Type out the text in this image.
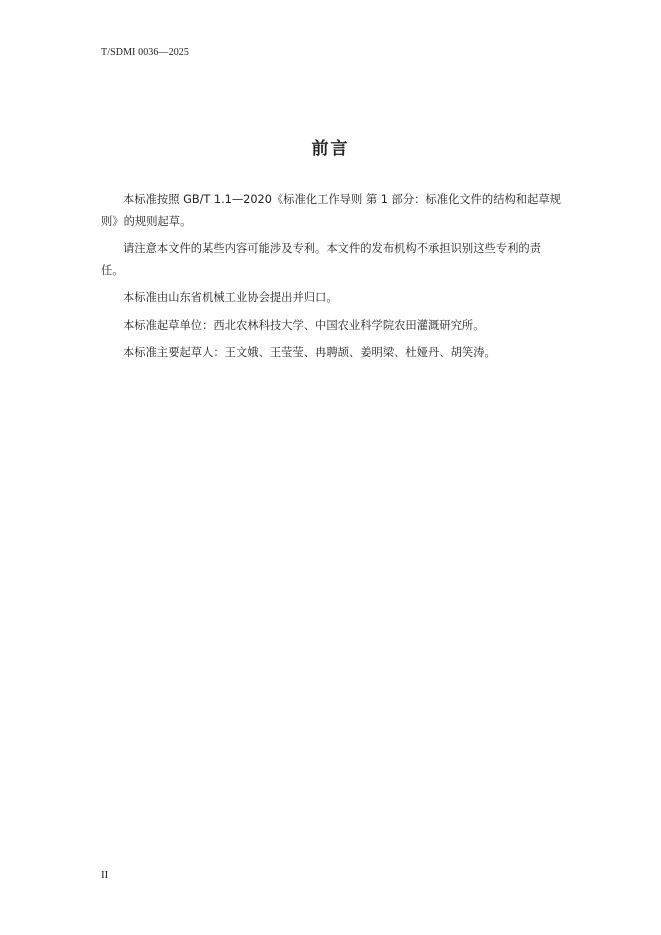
T/SDMI 0036—2025
前言

本标准按照 GB/T 1.1—2020《标准化工作导则 第 1 部分：标准化文件的结构和起草规则》的规则起草。

请注意本文件的某些内容可能涉及专利。本文件的发布机构不承担识别这些专利的责任。

本标准由山东省机械工业协会提出并归口。

本标准起草单位：西北农林科技大学、中国农业科学院农田灌溉研究所。

本标准主要起草人：王文娥、王莹莹、冉聘颉、姜明梁、杜娅丹、胡笑涛。

II
